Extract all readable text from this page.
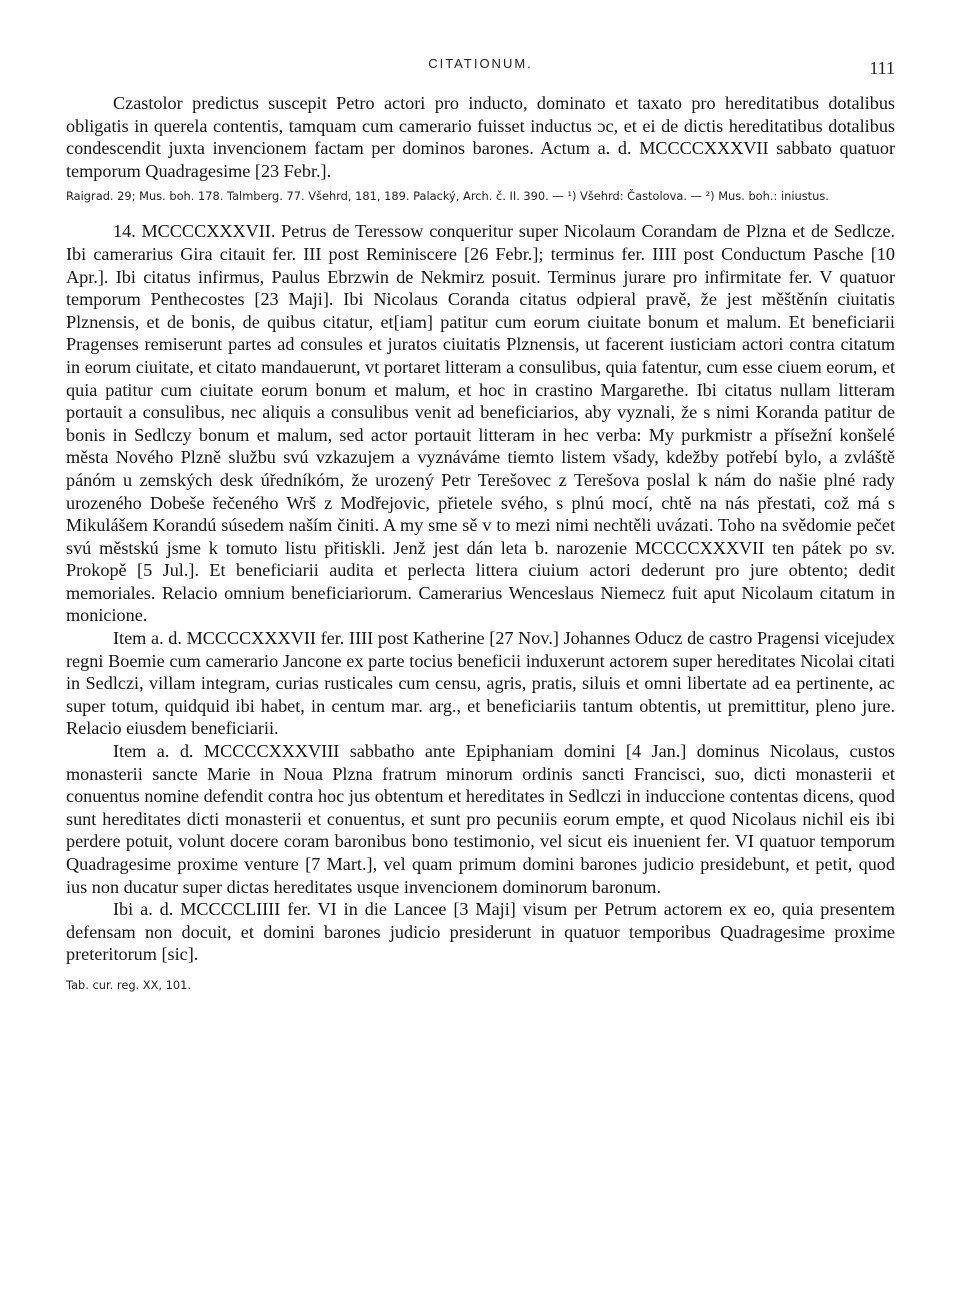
CITATIONUM.	111

Czastolor predictus suscepit Petro actori pro inducto, dominato et taxato pro hereditatibus dotalibus obligatis in querela contentis, tamquam cum camerario fuisset inductus ɔc, et ei de dictis hereditatibus dotalibus condescendit juxta invencionem factam per dominos barones. Actum a. d. MCCCCXXXVII sabbato quatuor temporum Quadragesime [23 Febr.].

Raigrad. 29; Mus. boh. 178. Talmberg. 77. Všehrd, 181, 189. Palacký, Arch. č. II. 390. — ¹) Všehrd: Častolova. — ²) Mus. boh.: iniustus.

14. MCCCCXXXVII. Petrus de Teressow conqueritur super Nicolaum Corandam de Plzna et de Sedlcze. Ibi camerarius Gira citauit fer. III post Reminiscere [26 Febr.]; terminus fer. IIII post Conductum Pasche [10 Apr.]. Ibi citatus infirmus, Paulus Ebrzwin de Nekmirz posuit. Terminus jurare pro infirmitate fer. V quatuor temporum Penthecostes [23 Maji]. Ibi Nicolaus Coranda citatus odpieral pravě, že jest měštěnín ciuitatis Plznensis, et de bonis, de quibus citatur, et[iam] patitur cum eorum ciuitate bonum et malum. Et beneficiarii Pragenses remiserunt partes ad consules et juratos ciuitatis Plznensis, ut facerent iusticiam actori contra citatum in eorum ciuitate, et citato mandauerunt, vt portaret litteram a consulibus, quia fatentur, cum esse ciuem eorum, et quia patitur cum ciuitate eorum bonum et malum, et hoc in crastino Margarethe. Ibi citatus nullam litteram portauit a consulibus, nec aliquis a consulibus venit ad beneficiarios, aby vyznali, že s nimi Koranda patitur de bonis in Sedlczy bonum et malum, sed actor portauit litteram in hec verba: My purkmistr a přísežní konšelé města Nového Plzně službu svú vzkazujem a vyznáváme tiemto listem všady, kdežby potřebí bylo, a zvláště pánóm u zemských desk úředníkóm, že urozený Petr Terešovec z Terešova poslal k nám do našie plné rady urozeného Dobeše řečeného Wrš z Modřejovic, přietele svého, s plnú mocí, chtě na nás přestati, což má s Mikulášem Korandú súsedem naším činiti. A my sme sě v to mezi nimi nechtěli uvázati. Toho na svědomie pečet svú městskú jsme k tomuto listu přitiskli. Jenž jest dán leta b. narozenie MCCCCXXXVII ten pátek po sv. Prokopě [5 Jul.]. Et beneficiarii audita et perlecta littera ciuium actori dederunt pro jure obtento; dedit memoriales. Relacio omnium beneficiariorum. Camerarius Wenceslaus Niemecz fuit aput Nicolaum citatum in monicione.

Item a. d. MCCCCXXXVII fer. IIII post Katherine [27 Nov.] Johannes Oducz de castro Pragensi vicejudex regni Boemie cum camerario Jancone ex parte tocius beneficii induxerunt actorem super hereditates Nicolai citati in Sedlczi, villam integram, curias rusticales cum censu, agris, pratis, siluis et omni libertate ad ea pertinente, ac super totum, quidquid ibi habet, in centum mar. arg., et beneficiariis tantum obtentis, ut premittitur, pleno jure. Relacio eiusdem beneficiarii.

Item a. d. MCCCCXXXVIII sabbatho ante Epiphaniam domini [4 Jan.] dominus Nicolaus, custos monasterii sancte Marie in Noua Plzna fratrum minorum ordinis sancti Francisci, suo, dicti monasterii et conuentus nomine defendit contra hoc jus obtentum et hereditates in Sedlczi in induccione contentas dicens, quod sunt hereditates dicti monasterii et conuentus, et sunt pro pecuniis eorum empte, et quod Nicolaus nichil eis ibi perdere potuit, volunt docere coram baronibus bono testimonio, vel sicut eis inuenient fer. VI quatuor temporum Quadragesime proxime venture [7 Mart.], vel quam primum domini barones judicio presidebunt, et petit, quod ius non ducatur super dictas hereditates usque invencionem dominorum baronum.

Ibi a. d. MCCCCLIIII fer. VI in die Lancee [3 Maji] visum per Petrum actorem ex eo, quia presentem defensam non docuit, et domini barones judicio presiderunt in quatuor temporibus Quadragesime proxime preteritorum [sic].

Tab. cur. reg. XX, 101.
